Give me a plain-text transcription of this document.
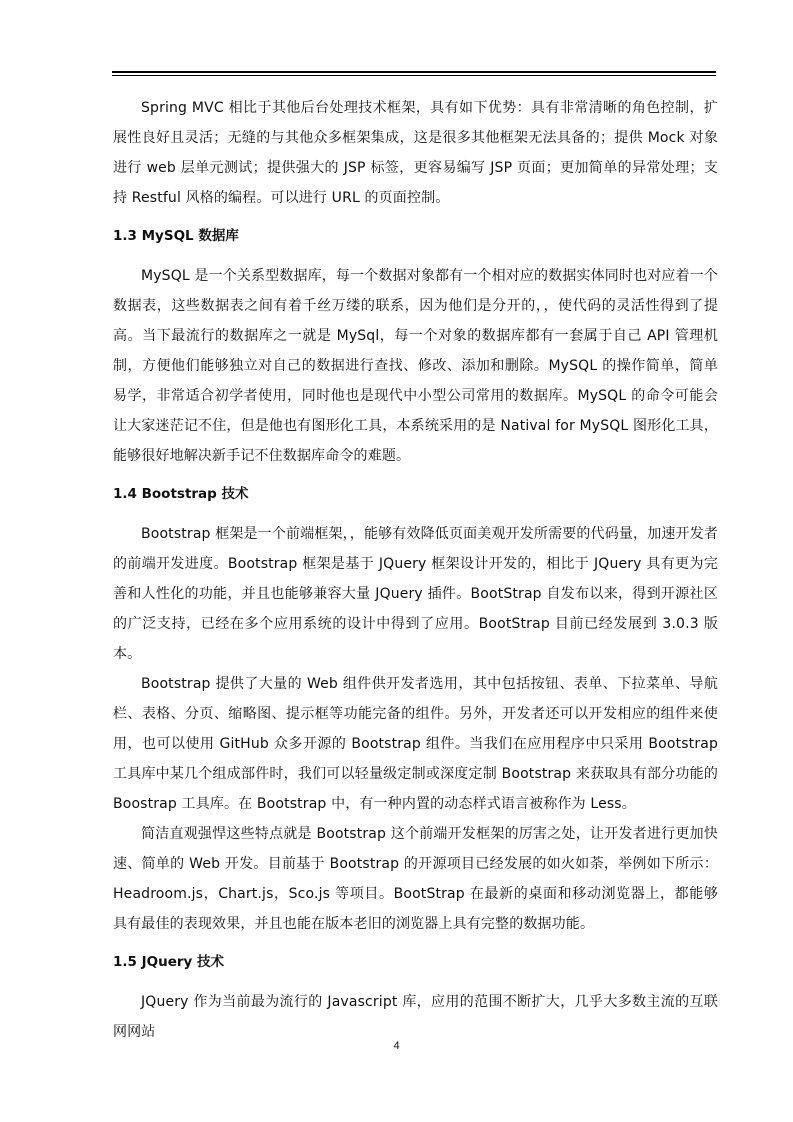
Spring MVC 相比于其他后台处理技术框架，具有如下优势：具有非常清晰的角色控制，扩展性良好且灵活；无缝的与其他众多框架集成，这是很多其他框架无法具备的；提供 Mock 对象进行 web 层单元测试；提供强大的 JSP 标签，更容易编写 JSP 页面；更加简单的异常处理；支持 Restful 风格的编程。可以进行 URL 的页面控制。

1.3 MySQL 数据库

MySQL 是一个关系型数据库，每一个数据对象都有一个相对应的数据实体同时也对应着一个数据表，这些数据表之间有着千丝万缕的联系，因为他们是分开的，，使代码的灵活性得到了提高。当下最流行的数据库之一就是 MySql，每一个对象的数据库都有一套属于自己 API 管理机制，方便他们能够独立对自己的数据进行查找、修改、添加和删除。MySQL 的操作简单，简单易学，非常适合初学者使用，同时他也是现代中小型公司常用的数据库。MySQL 的命令可能会让大家迷茫记不住，但是他也有图形化工具，本系统采用的是 Natival for MySQL 图形化工具，能够很好地解决新手记不住数据库命令的难题。

1.4 Bootstrap 技术

Bootstrap 框架是一个前端框架，，能够有效降低页面美观开发所需要的代码量，加速开发者的前端开发进度。Bootstrap 框架是基于 JQuery 框架设计开发的，相比于 JQuery 具有更为完善和人性化的功能，并且也能够兼容大量 JQuery 插件。BootStrap 自发布以来，得到开源社区的广泛支持，已经在多个应用系统的设计中得到了应用。BootStrap 目前已经发展到 3.0.3 版本。

Bootstrap 提供了大量的 Web 组件供开发者选用，其中包括按钮、表单、下拉菜单、导航栏、表格、分页、缩略图、提示框等功能完备的组件。另外，开发者还可以开发相应的组件来使用，也可以使用 GitHub 众多开源的 Bootstrap 组件。当我们在应用程序中只采用 Bootstrap 工具库中某几个组成部件时，我们可以轻量级定制或深度定制 Bootstrap 来获取具有部分功能的 Boostrap 工具库。在 Bootstrap 中，有一种内置的动态样式语言被称作为 Less。

简洁直观强悍这些特点就是 Bootstrap 这个前端开发框架的厉害之处，让开发者进行更加快速、简单的 Web 开发。目前基于 Bootstrap 的开源项目已经发展的如火如荼，举例如下所示：Headroom.js，Chart.js，Sco.js 等项目。BootStrap 在最新的桌面和移动浏览器上，都能够具有最佳的表现效果，并且也能在版本老旧的浏览器上具有完整的数据功能。

1.5 JQuery 技术

JQuery 作为当前最为流行的 Javascript 库，应用的范围不断扩大，几乎大多数主流的互联网网站

4
